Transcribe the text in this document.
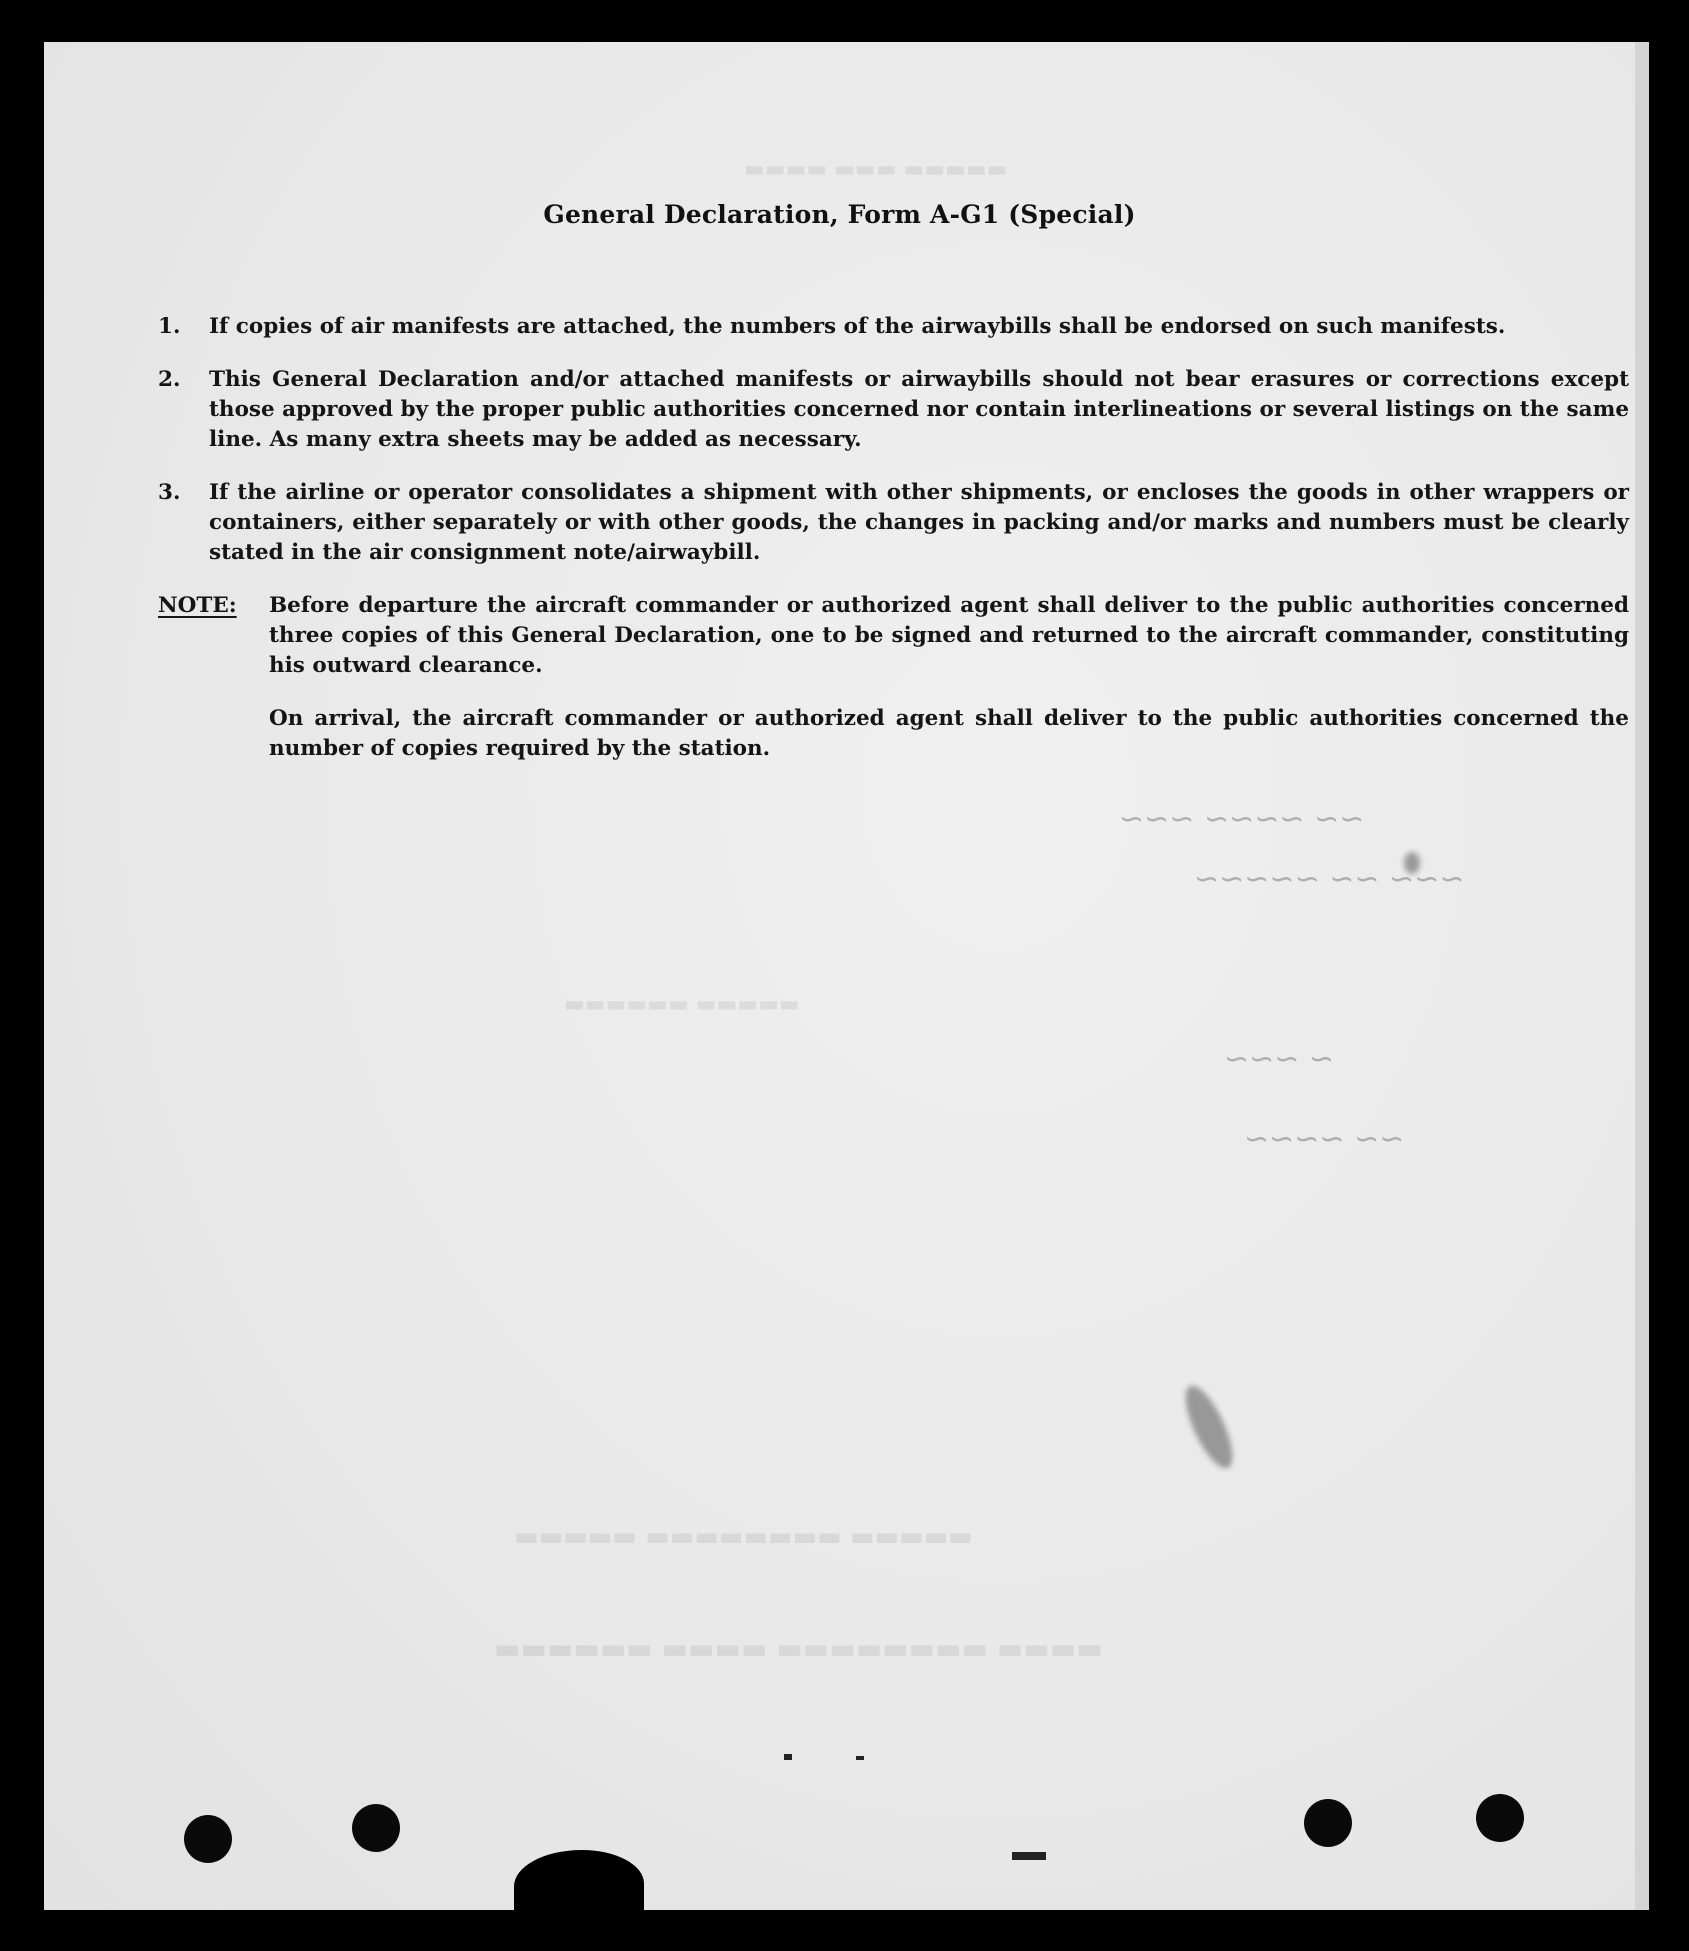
General Declaration, Form A-G1 (Special)
1.	If copies of air manifests are attached, the numbers of the airwaybills shall be endorsed on such manifests.
2.	This General Declaration and/or attached manifests or airwaybills should not bear erasures or corrections except those approved by the proper public authorities concerned nor contain interlineations or several listings on the same line. As many extra sheets may be added as necessary.
3.	If the airline or operator consolidates a shipment with other shipments, or encloses the goods in other wrappers or containers, either separately or with other goods, the changes in packing and/or marks and numbers must be clearly stated in the air consignment note/airwaybill.
NOTE: Before departure the aircraft commander or authorized agent shall deliver to the public authorities concerned three copies of this General Declaration, one to be signed and returned to the aircraft commander, constituting his outward clearance.
On arrival, the aircraft commander or authorized agent shall deliver to the public authorities concerned the number of copies required by the station.
▬▬▬▬ ▬▬▬ ▬▬▬▬▬
▬▬▬▬▬▬ ▬▬▬▬▬
▬▬▬▬▬ ▬▬▬▬▬▬▬▬ ▬▬▬▬▬
▬▬▬▬▬▬ ▬▬▬▬ ▬▬▬▬▬▬▬▬ ▬▬▬▬
~~ ~~~~ ~~~
~~~ ~~ ~~~~~
~ ~~~
~~ ~~~~
